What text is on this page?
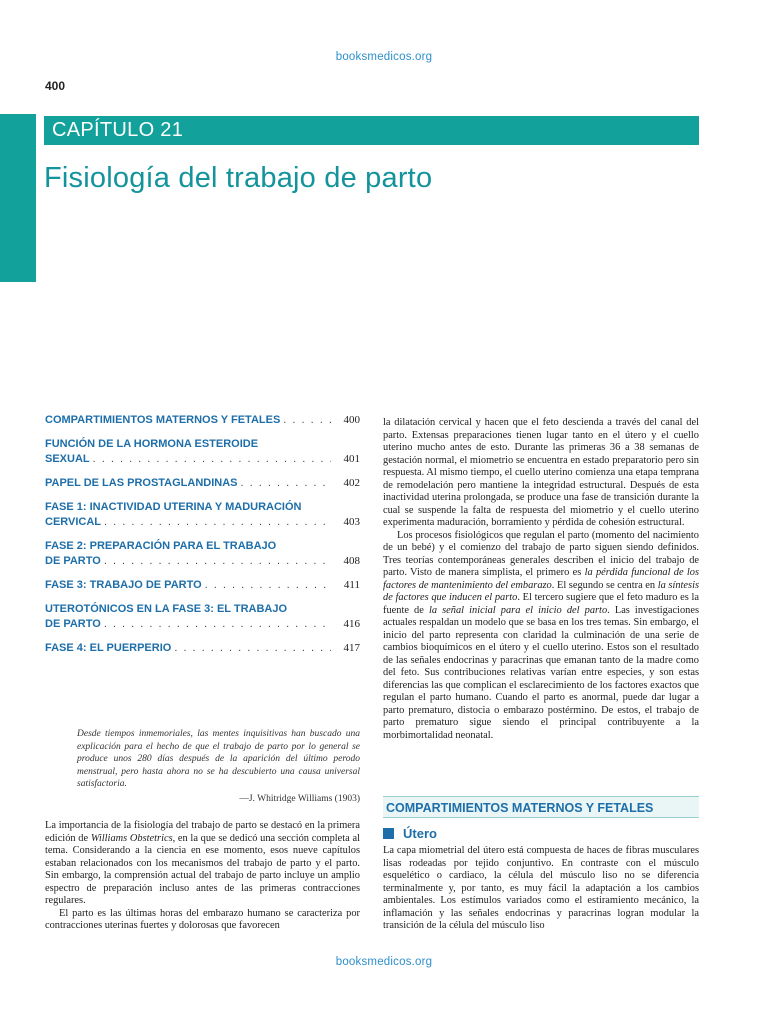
booksmedicos.org
400
CAPÍTULO 21
Fisiología del trabajo de parto
COMPARTIMIENTOS MATERNOS Y FETALES . . .	400
FUNCIÓN DE LA HORMONA ESTEROIDE
SEXUAL . . .	401
PAPEL DE LAS PROSTAGLANDINAS . . .	402
FASE 1: INACTIVIDAD UTERINA Y MADURACIÓN
CERVICAL . . .	403
FASE 2: PREPARACIÓN PARA EL TRABAJO
DE PARTO . . .	408
FASE 3: TRABAJO DE PARTO . . .	411
UTEROTÓNICOS EN LA FASE 3: EL TRABAJO
DE PARTO . . .	416
FASE 4: EL PUERPERIO . . .	417

Desde tiempos inmemoriales, las mentes inquisitivas han buscado una explicación para el hecho de que el trabajo de parto por lo general se produce unos 280 días después de la aparición del último perodo menstrual, pero hasta ahora no se ha descubierto una causa universal satisfactoria.

—J. Whitridge Williams (1903)

La importancia de la fisiología del trabajo de parto se destacó en la primera edición de Williams Obstetrics, en la que se dedicó una sección completa al tema. Considerando a la ciencia en ese momento, esos nueve capítulos estaban relacionados con los mecanismos del trabajo de parto y el parto. Sin embargo, la comprensión actual del trabajo de parto incluye un amplio espectro de preparación incluso antes de las primeras contracciones regulares.

El parto es las últimas horas del embarazo humano se caracteriza por contracciones uterinas fuertes y dolorosas que favorecen

la dilatación cervical y hacen que el feto descienda a través del canal del parto. Extensas preparaciones tienen lugar tanto en el útero y el cuello uterino mucho antes de esto. Durante las primeras 36 a 38 semanas de gestación normal, el miometrio se encuentra en estado preparatorio pero sin respuesta. Al mismo tiempo, el cuello uterino comienza una etapa temprana de remodelación pero mantiene la integridad estructural. Después de esta inactividad uterina prolongada, se produce una fase de transición durante la cual se suspende la falta de respuesta del miometrio y el cuello uterino experimenta maduración, borramiento y pérdida de cohesión estructural.

Los procesos fisiológicos que regulan el parto (momento del nacimiento de un bebé) y el comienzo del trabajo de parto siguen siendo definidos. Tres teorías contemporáneas generales describen el inicio del trabajo de parto. Visto de manera simplista, el primero es la pérdida funcional de los factores de mantenimiento del embarazo. El segundo se centra en la síntesis de factores que inducen el parto. El tercero sugiere que el feto maduro es la fuente de la señal inicial para el inicio del parto. Las investigaciones actuales respaldan un modelo que se basa en los tres temas. Sin embargo, el inicio del parto representa con claridad la culminación de una serie de cambios bioquímicos en el útero y el cuello uterino. Estos son el resultado de las señales endocrinas y paracrinas que emanan tanto de la madre como del feto. Sus contribuciones relativas varían entre especies, y son estas diferencias las que complican el esclarecimiento de los factores exactos que regulan el parto humano. Cuando el parto es anormal, puede dar lugar a parto prematuro, distocia o embarazo postérmino. De estos, el trabajo de parto prematuro sigue siendo el principal contribuyente a la morbimortalidad neonatal.

COMPARTIMIENTOS MATERNOS Y FETALES
Útero

La capa miometrial del útero está compuesta de haces de fibras musculares lisas rodeadas por tejido conjuntivo. En contraste con el músculo esquelético o cardiaco, la célula del músculo liso no se diferencia terminalmente y, por tanto, es muy fácil la adaptación a los cambios ambientales. Los estímulos variados como el estiramiento mecánico, la inflamación y las señales endocrinas y paracrinas logran modular la transición de la célula del músculo liso

booksmedicos.org
